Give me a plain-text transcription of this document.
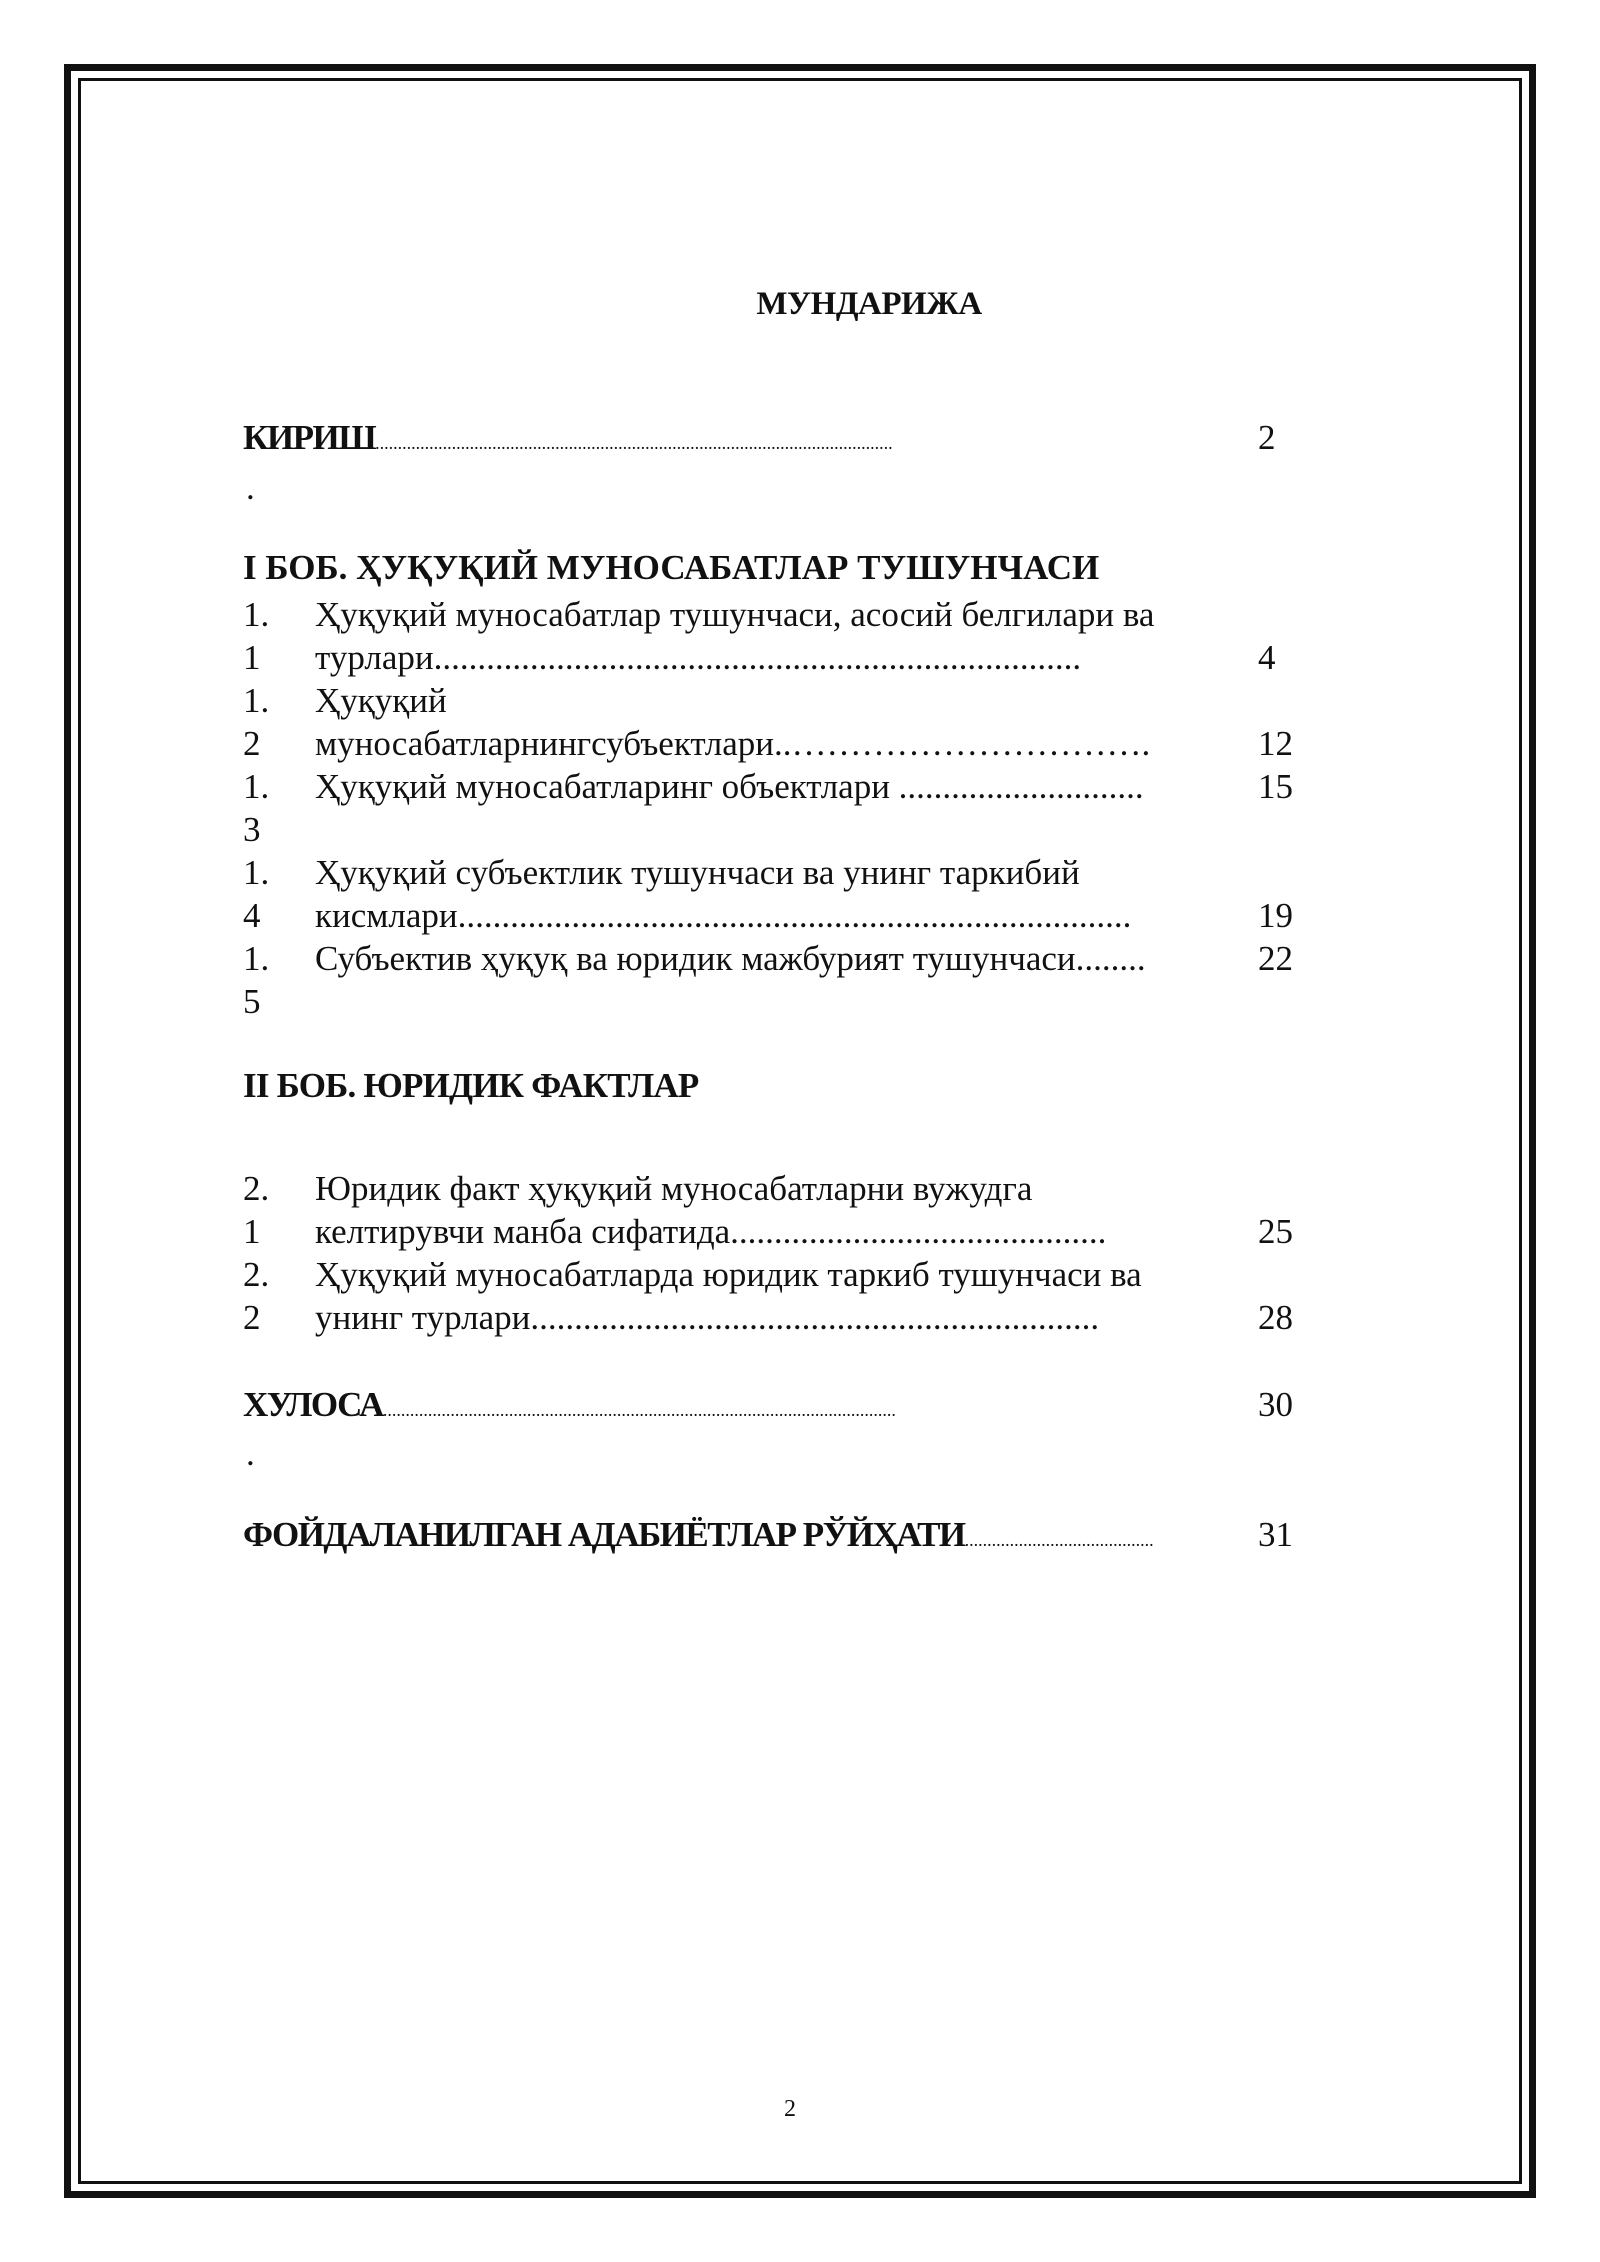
МУНДАРИЖА
КИРИШ...................................................................................................................	2
.
I БОБ. ҲУҚУҚИЙ МУНОСАБАТЛАР ТУШУНЧАСИ
1. Ҳуқуқий муносабатлар тушунчаси, асосий белгилари ва
1 турлари..........................................................................	4
1. Ҳуқуқий
2 муносабатларнингсубъектлари..………………………….	12
1. Ҳуқуқий муносабатларинг объектлари ............................	15
3
1. Ҳуқуқий субъектлик тушунчаси ва унинг таркибий
4 кисмлари.............................................................................	19
1. Субъектив ҳуқуқ ва юридик мажбурият тушунчаси........	22
5
II БОБ. ЮРИДИК ФАКТЛАР
2. Юридик факт ҳуқуқий муносабатларни вужудга
1 келтирувчи манба сифатида...........................................	25
2. Ҳуқуқий муносабатларда юридик таркиб тушунчаси ва
2 унинг турлари.................................................................	28
ХУЛОСА..................................................................................................................	30
.
ФОЙДАЛАНИЛГАН АДАБИЁТЛАР РЎЙҲАТИ..........................................	31
2
